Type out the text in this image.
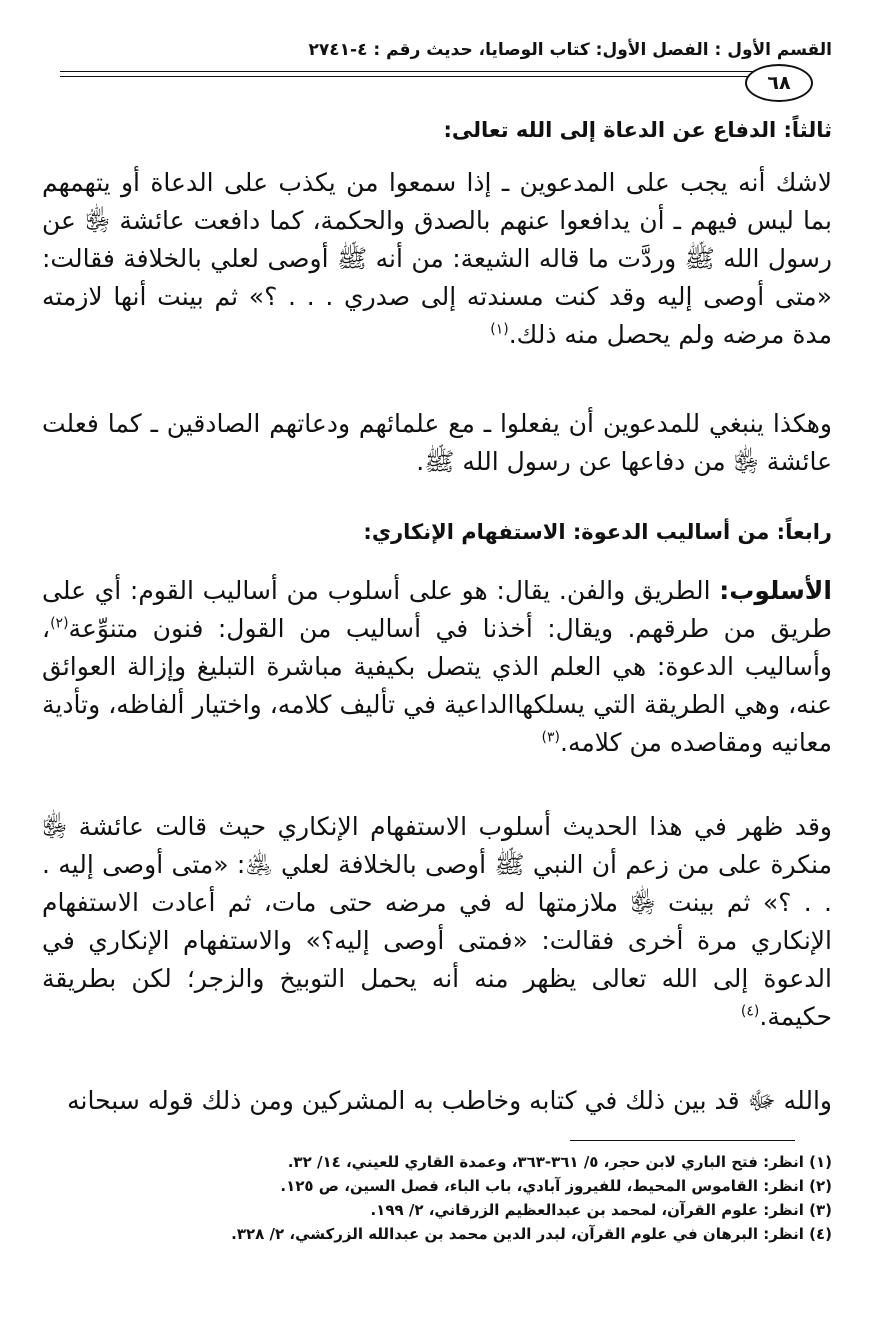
القسم الأول : الفصل الأول: كتاب الوصايا، حديث رقم : ٤-٢٧٤١
٦٨
ثالثاً: الدفاع عن الدعاة إلى الله تعالى:

لاشك أنه يجب على المدعوين ـ إذا سمعوا من يكذب على الدعاة أو يتهمهم بما ليس فيهم ـ أن يدافعوا عنهم بالصدق والحكمة، كما دافعت عائشة ﵂ عن رسول الله ﷺ وردَّت ما قاله الشيعة: من أنه ﷺ أوصى لعلي بالخلافة فقالت: «متى أوصى إليه وقد كنت مسندته إلى صدري . . . ؟» ثم بينت أنها لازمته مدة مرضه ولم يحصل منه ذلك.$^{(١)}$

وهكذا ينبغي للمدعوين أن يفعلوا ـ مع علمائهم ودعاتهم الصادقين ـ كما فعلت عائشة ﵂ من دفاعها عن رسول الله ﷺ.

رابعاً: من أساليب الدعوة: الاستفهام الإنكاري:

الأسلوب: الطريق والفن. يقال: هو على أسلوب من أساليب القوم: أي على طريق من طرقهم. ويقال: أخذنا في أساليب من القول: فنون متنوِّعة$^{(٢)}$، وأساليب الدعوة: هي العلم الذي يتصل بكيفية مباشرة التبليغ وإزالة العوائق عنه، وهي الطريقة التي يسلكهاالداعية في تأليف كلامه، واختيار ألفاظه، وتأدية معانيه ومقاصده من كلامه.$^{(٣)}$

وقد ظهر في هذا الحديث أسلوب الاستفهام الإنكاري حيث قالت عائشة ﵂ منكرة على من زعم أن النبي ﷺ أوصى بالخلافة لعلي ﵁: «متى أوصى إليه . . . ؟» ثم بينت ﵂ ملازمتها له في مرضه حتى مات، ثم أعادت الاستفهام الإنكاري مرة أخرى فقالت: «فمتى أوصى إليه؟» والاستفهام الإنكاري في الدعوة إلى الله تعالى يظهر منه أنه يحمل التوبيخ والزجر؛ لكن بطريقة حكيمة.$^{(٤)}$

والله ﷻ قد بين ذلك في كتابه وخاطب به المشركين ومن ذلك قوله سبحانه

(١) انظر: فتح الباري لابن حجر، ٥/ ٣٦١-٣٦٣، وعمدة القاري للعيني، ١٤/ ٣٢.
(٢) انظر: القاموس المحيط، للفيروز آبادي، باب الباء، فصل السين، ص ١٢٥.
(٣) انظر: علوم القرآن، لمحمد بن عبدالعظيم الزرقاني، ٢/ ١٩٩.
(٤) انظر: البرهان في علوم القرآن، لبدر الدين محمد بن عبدالله الزركشي، ٢/ ٣٢٨.
